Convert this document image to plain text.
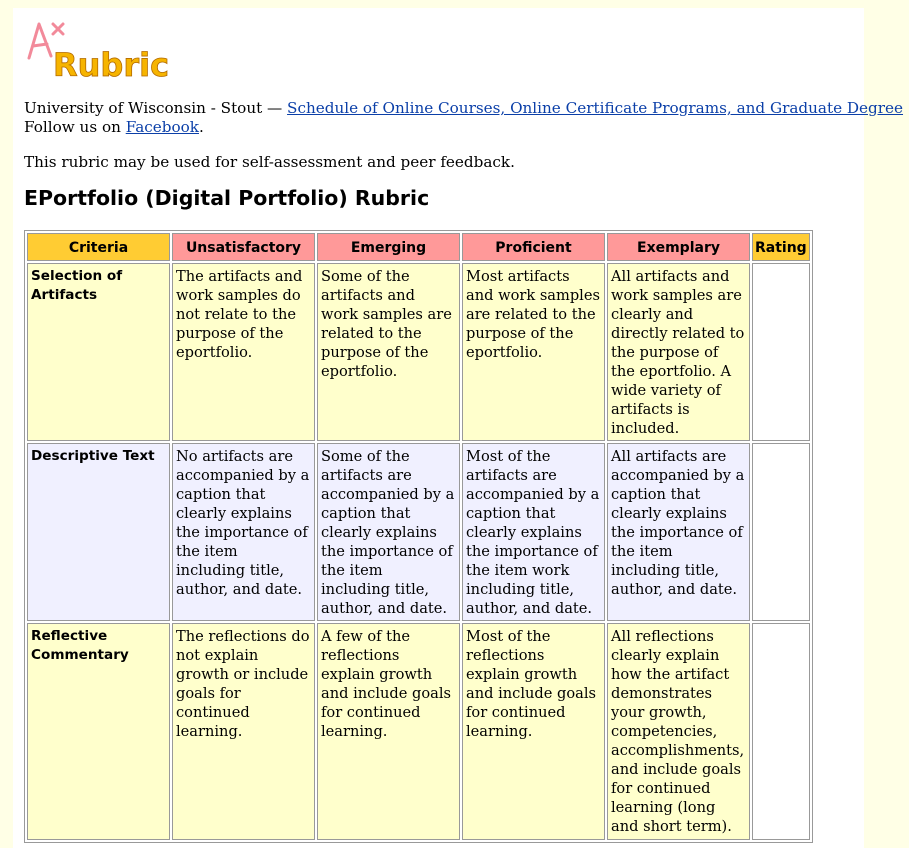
Rubric
University of Wisconsin - Stout — Schedule of Online Courses, Online Certificate Programs, and Graduate Degree
Follow us on Facebook.
This rubric may be used for self-assessment and peer feedback.
EPortfolio (Digital Portfolio) Rubric
Criteria	Unsatisfactory	Emerging	Proficient	Exemplary	Rating
Selection of Artifacts	The artifacts and work samples do not relate to the purpose of the eportfolio.	Some of the artifacts and work samples are related to the purpose of the eportfolio.	Most artifacts and work samples are related to the purpose of the eportfolio.	All artifacts and work samples are clearly and directly related to the purpose of the eportfolio. A wide variety of artifacts is included.	
Descriptive Text	No artifacts are accompanied by a caption that clearly explains the importance of the item including title, author, and date.	Some of the artifacts are accompanied by a caption that clearly explains the importance of the item including title, author, and date.	Most of the artifacts are accompanied by a caption that clearly explains the importance of the item work including title, author, and date.	All artifacts are accompanied by a caption that clearly explains the importance of the item including title, author, and date.	
Reflective Commentary	The reflections do not explain growth or include goals for continued learning.	A few of the reflections explain growth and include goals for continued learning.	Most of the reflections explain growth and include goals for continued learning.	All reflections clearly explain how the artifact demonstrates your growth, competencies, accomplishments, and include goals for continued learning (long and short term).	
